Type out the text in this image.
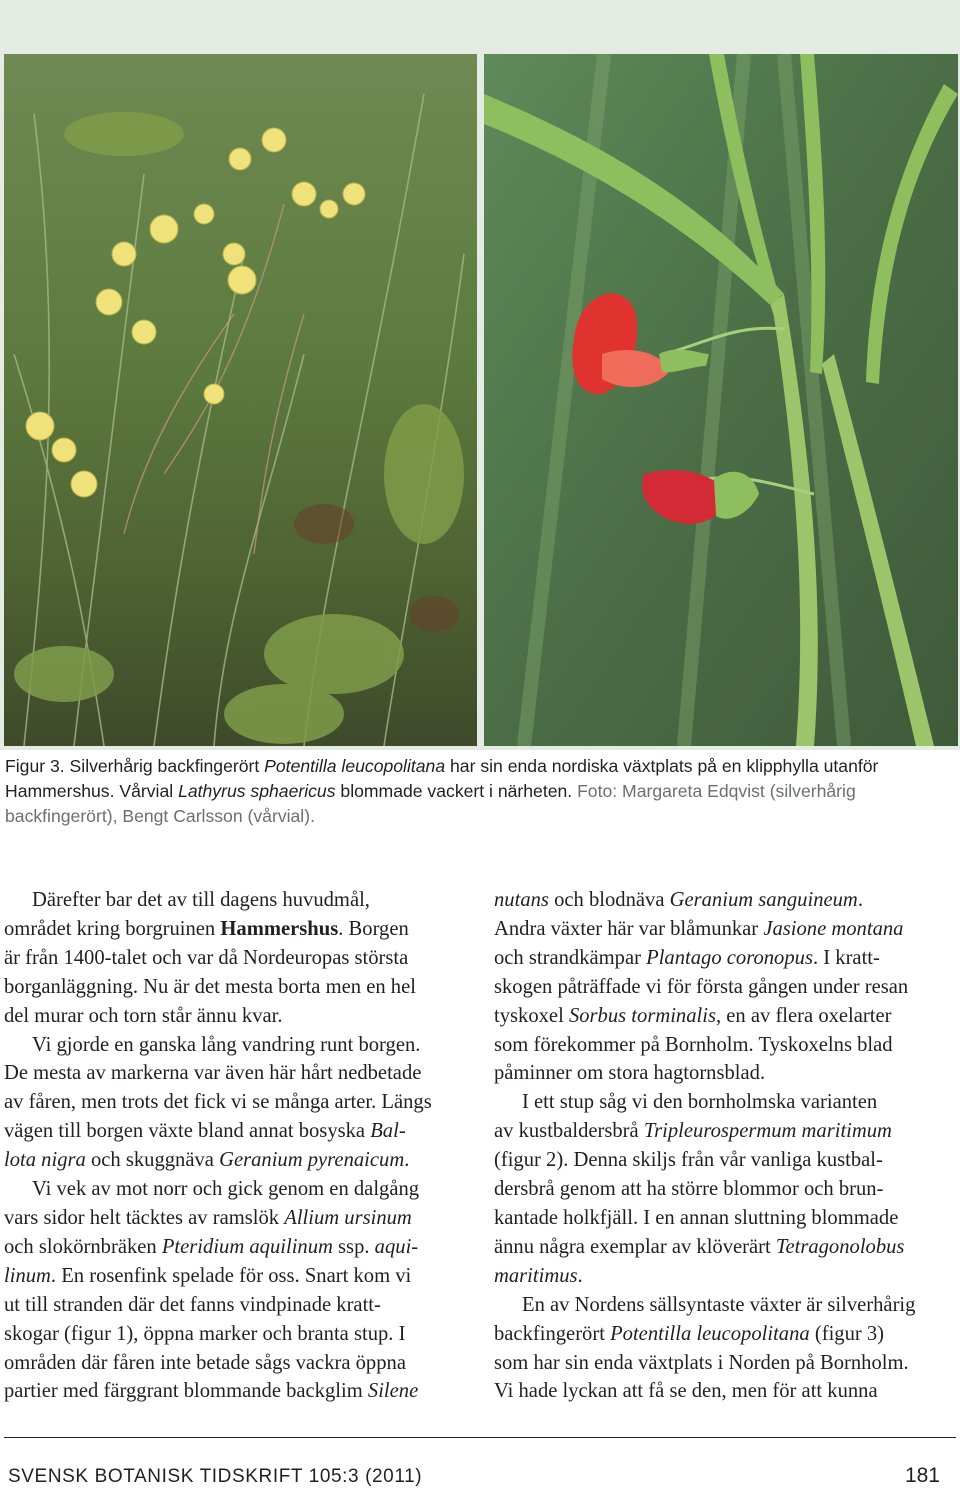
Figur 3. Silverhårig backfingerört Potentilla leucopolitana har sin enda nordiska växtplats på en klipphylla utanför Hammershus. Vårvial Lathyrus sphaericus blommade vackert i närheten. Foto: Margareta Edqvist (silverhårig backfingerört), Bengt Carlsson (vårvial).
Därefter bar det av till dagens huvudmål,
området kring borgruinen Hammershus. Borgen
är från 1400-talet och var då Nordeuropas största
borganläggning. Nu är det mesta borta men en hel
del murar och torn står ännu kvar.
Vi gjorde en ganska lång vandring runt borgen.
De mesta av markerna var även här hårt nedbetade
av fåren, men trots det fick vi se många arter. Längs
vägen till borgen växte bland annat bosyska Bal-
lota nigra och skuggnäva Geranium pyrenaicum.
Vi vek av mot norr och gick genom en dalgång
vars sidor helt täcktes av ramslök Allium ursinum
och slokörnbräken Pteridium aquilinum ssp. aqui-
linum. En rosenfink spelade för oss. Snart kom vi
ut till stranden där det fanns vindpinade kratt-
skogar (figur 1), öppna marker och branta stup. I
områden där fåren inte betade sågs vackra öppna
partier med färggrant blommande backglim Silene
nutans och blodnäva Geranium sanguineum.
Andra växter här var blåmunkar Jasione montana
och strandkämpar Plantago coronopus. I kratt-
skogen påträffade vi för första gången under resan
tyskoxel Sorbus torminalis, en av flera oxelarter
som förekommer på Bornholm. Tyskoxelns blad
påminner om stora hagtornsblad.
I ett stup såg vi den bornholmska varianten
av kustbaldersbrå Tripleurospermum maritimum
(figur 2). Denna skiljs från vår vanliga kustbal-
dersbrå genom att ha större blommor och brun-
kantade holkfjäll. I en annan sluttning blommade
ännu några exemplar av klöverärt Tetragonolobus
maritimus.
En av Nordens sällsyntaste växter är silverhårig
backfingerört Potentilla leucopolitana (figur 3)
som har sin enda växtplats i Norden på Bornholm.
Vi hade lyckan att få se den, men för att kunna
SVENSK BOTANISK TIDSKRIFT 105:3 (2011)	181
